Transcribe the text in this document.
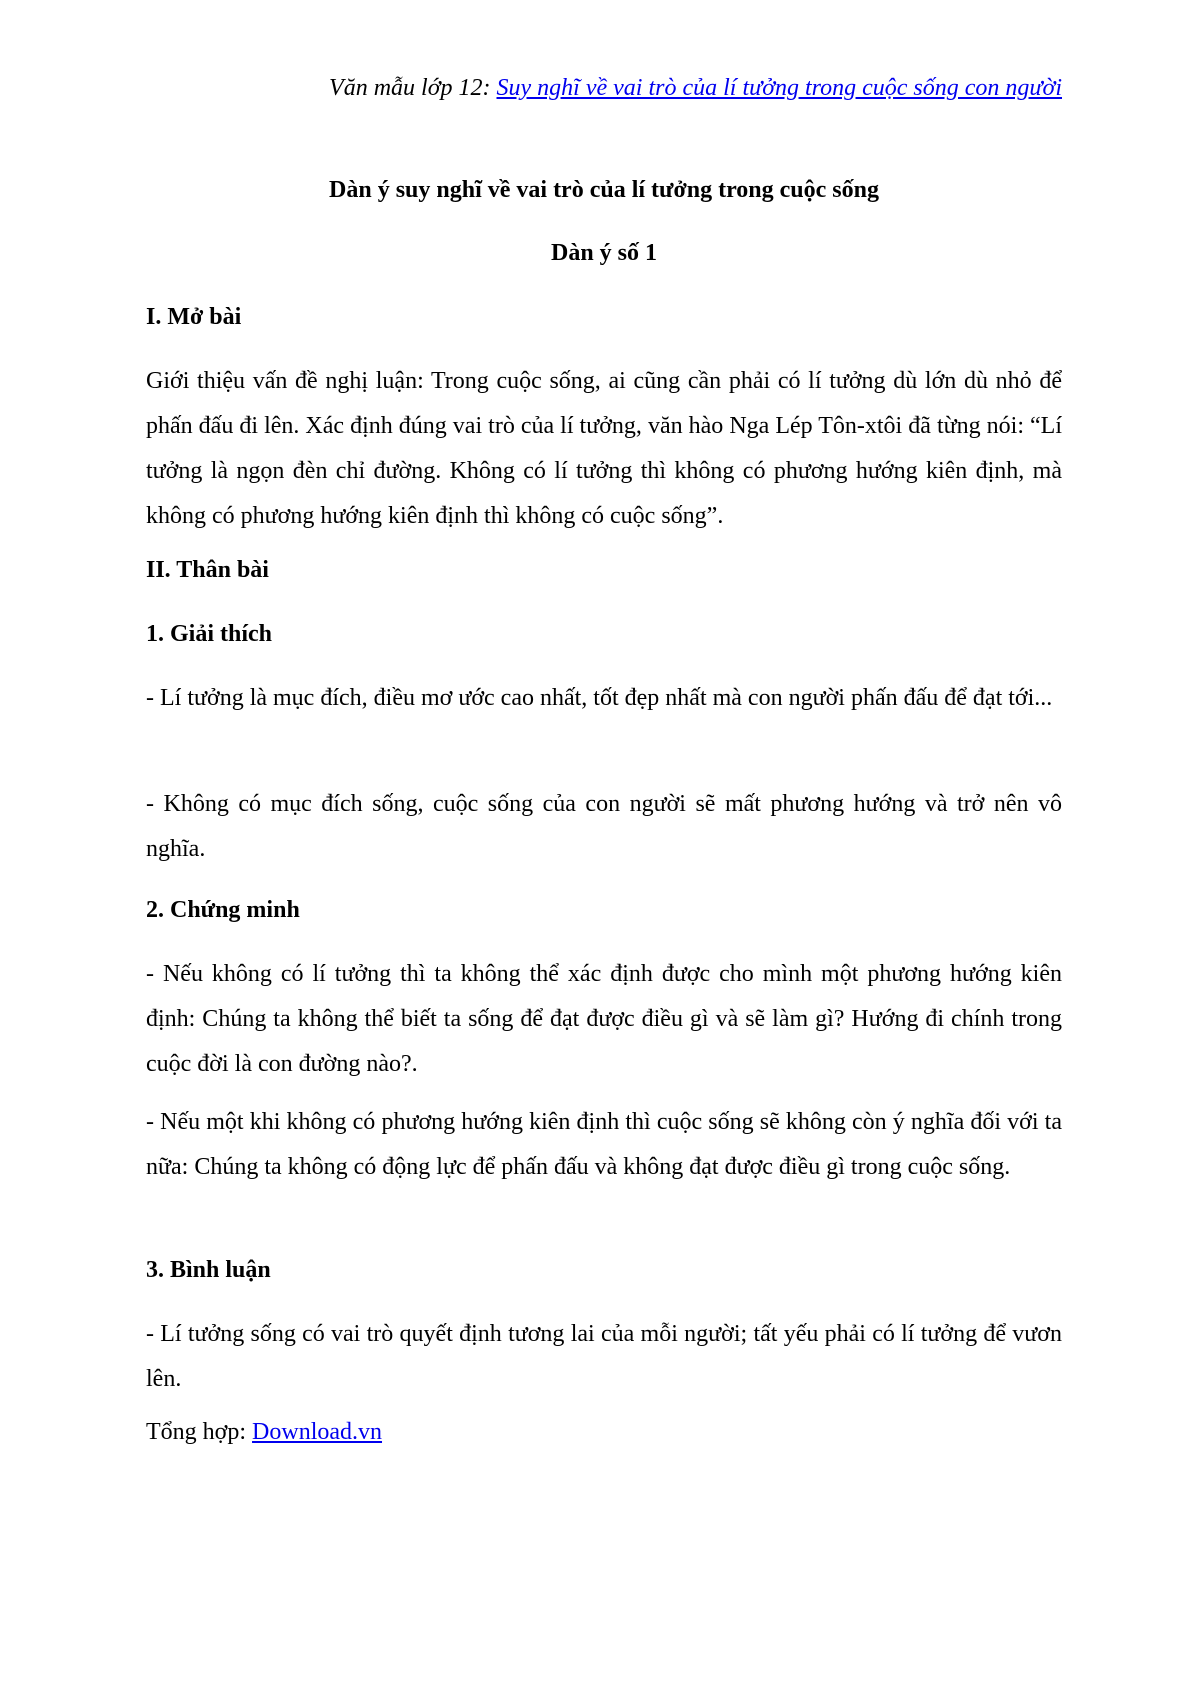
Văn mẫu lớp 12: Suy nghĩ về vai trò của lí tưởng trong cuộc sống con người
Dàn ý suy nghĩ về vai trò của lí tưởng trong cuộc sống
Dàn ý số 1
I. Mở bài
Giới thiệu vấn đề nghị luận: Trong cuộc sống, ai cũng cần phải có lí tưởng dù lớn dù nhỏ để phấn đấu đi lên. Xác định đúng vai trò của lí tưởng, văn hào Nga Lép Tôn-xtôi đã từng nói: “Lí tưởng là ngọn đèn chỉ đường. Không có lí tưởng thì không có phương hướng kiên định, mà không có phương hướng kiên định thì không có cuộc sống”.
II. Thân bài
1. Giải thích
- Lí tưởng là mục đích, điều mơ ước cao nhất, tốt đẹp nhất mà con người phấn đấu để đạt tới...
- Không có mục đích sống, cuộc sống của con người sẽ mất phương hướng và trở nên vô nghĩa.
2. Chứng minh
- Nếu không có lí tưởng thì ta không thể xác định được cho mình một phương hướng kiên định: Chúng ta không thể biết ta sống để đạt được điều gì và sẽ làm gì? Hướng đi chính trong cuộc đời là con đường nào?.
- Nếu một khi không có phương hướng kiên định thì cuộc sống sẽ không còn ý nghĩa đối với ta nữa: Chúng ta không có động lực để phấn đấu và không đạt được điều gì trong cuộc sống.
3. Bình luận
- Lí tưởng sống có vai trò quyết định tương lai của mỗi người; tất yếu phải có lí tưởng để vươn lên.
Tổng hợp: Download.vn
